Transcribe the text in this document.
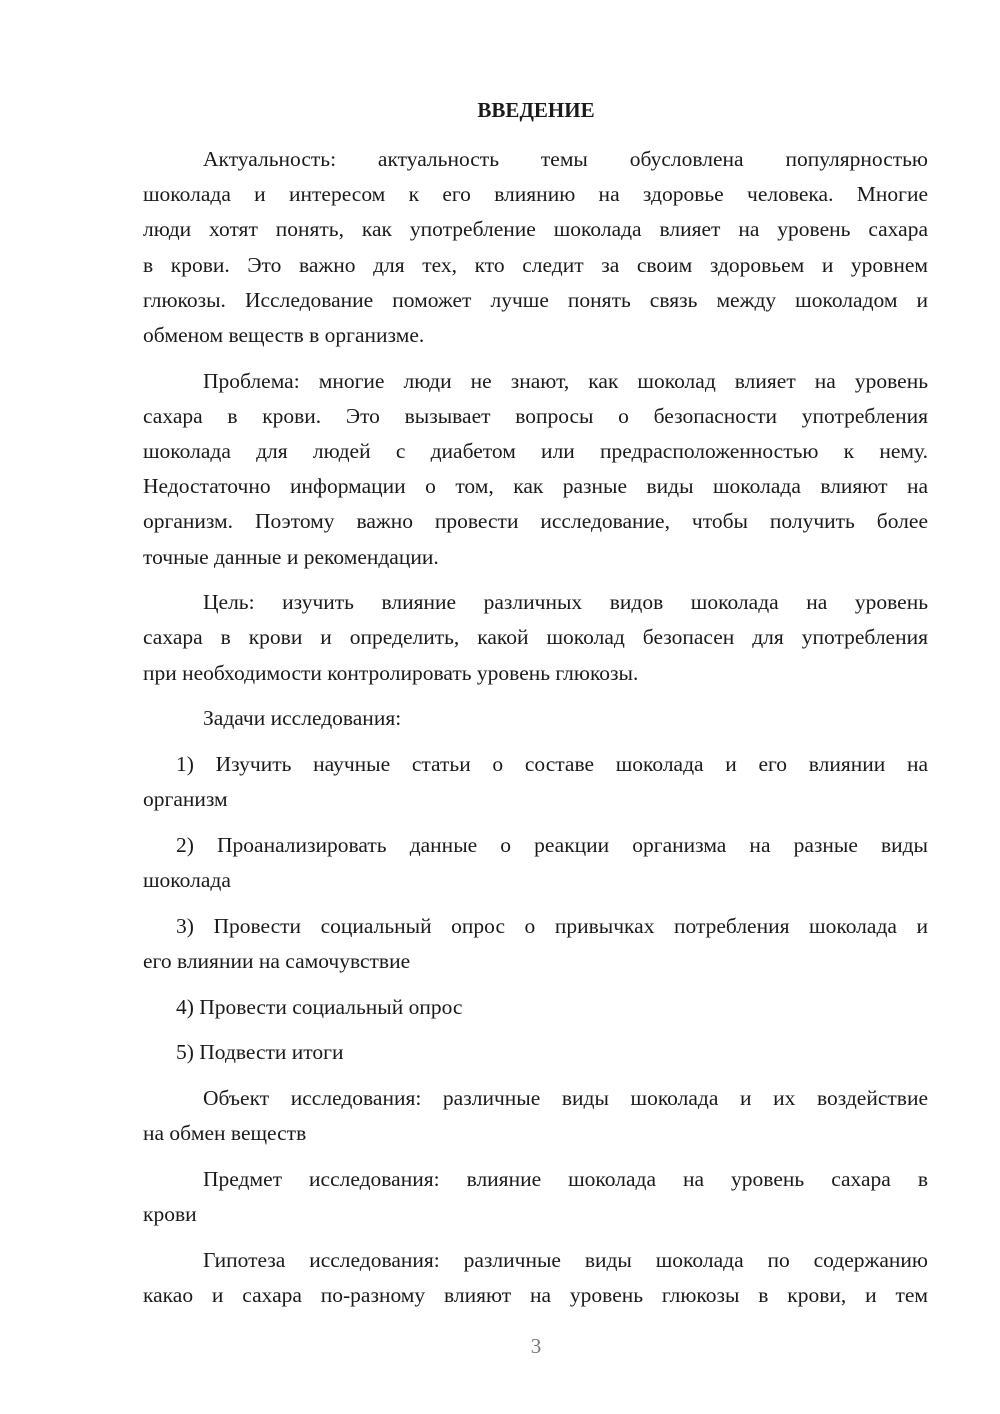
ВВЕДЕНИЕ
Актуальность: актуальность темы обусловлена популярностью
шоколада и интересом к его влиянию на здоровье человека. Многие
люди хотят понять, как употребление шоколада влияет на уровень сахара
в крови. Это важно для тех, кто следит за своим здоровьем и уровнем
глюкозы. Исследование поможет лучше понять связь между шоколадом и
обменом веществ в организме.
Проблема: многие люди не знают, как шоколад влияет на уровень
сахара в крови. Это вызывает вопросы о безопасности употребления
шоколада для людей с диабетом или предрасположенностью к нему.
Недостаточно информации о том, как разные виды шоколада влияют на
организм. Поэтому важно провести исследование, чтобы получить более
точные данные и рекомендации.
Цель: изучить влияние различных видов шоколада на уровень
сахара в крови и определить, какой шоколад безопасен для употребления
при необходимости контролировать уровень глюкозы.
Задачи исследования:
1) Изучить научные статьи о составе шоколада и его влиянии на
организм
2) Проанализировать данные о реакции организма на разные виды
шоколада
3) Провести социальный опрос о привычках потребления шоколада и
его влиянии на самочувствие
4) Провести социальный опрос
5) Подвести итоги
Объект исследования: различные виды шоколада и их воздействие
на обмен веществ
Предмет исследования: влияние шоколада на уровень сахара в
крови
Гипотеза исследования: различные виды шоколада по содержанию
какао и сахара по-разному влияют на уровень глюкозы в крови, и тем
3
